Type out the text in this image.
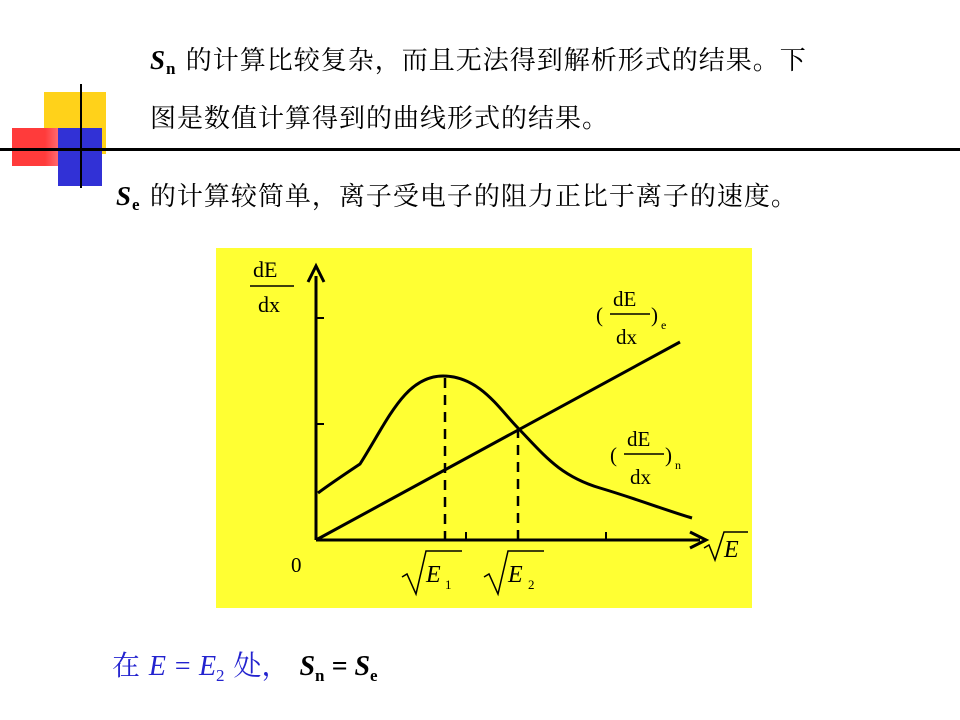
$S_n$ 的计算比较复杂，而且无法得到解析形式的结果。下
图是数值计算得到的曲线形式的结果。
$S_e$ 的计算较简单，离子受电子的阻力正比于离子的速度。
dE
dx	(
dE
dx
) e
(
dE
dx
) n
0
E
E 1 E 2
在 $E = E_2$ 处， $S_n = S_e$
